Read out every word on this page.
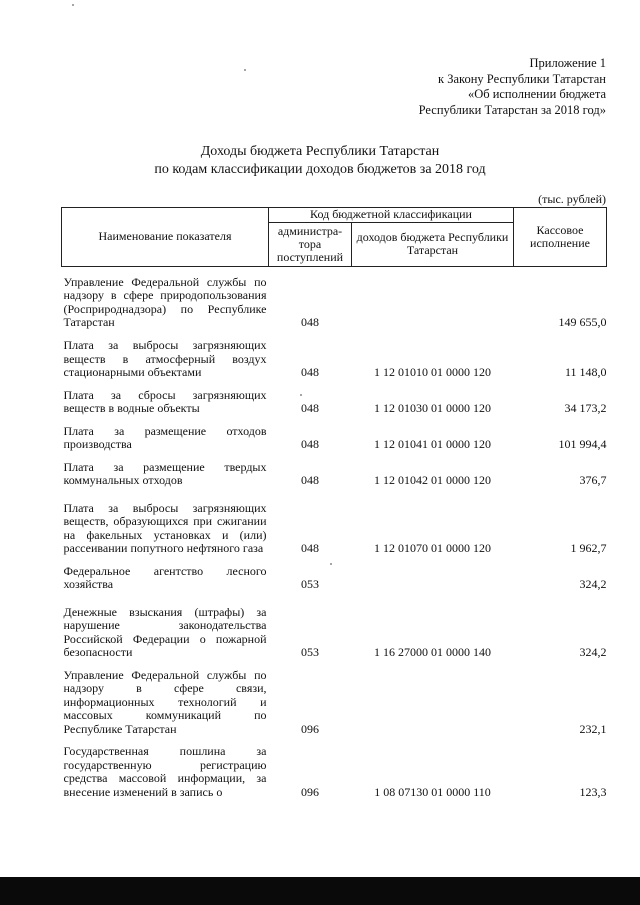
Приложение 1
к Закону Республики Татарстан
«Об исполнении бюджета
Республики Татарстан за 2018 год»
Доходы бюджета Республики Татарстан
по кодам классификации доходов бюджетов за 2018 год
(тыс. рублей)
Наименование показателя	Код бюджетной классификации		Кассовое исполнение
	администра-тора поступлений	доходов бюджета Республики Татарстан	
Управление Федеральной службы по надзору в сфере природопользования (Росприроднадзора) по Республике Татарстан	048		149 655,0
Плата за выбросы загрязняющих веществ в атмосферный воздух стационарными объектами	048	1 12 01010 01 0000 120	11 148,0
Плата за сбросы загрязняющих веществ в водные объекты	048	1 12 01030 01 0000 120	34 173,2
Плата за размещение отходов производства	048	1 12 01041 01 0000 120	101 994,4
Плата за размещение твердых коммунальных отходов	048	1 12 01042 01 0000 120	376,7
Плата за выбросы загрязняющих веществ, образующихся при сжигании на факельных установках и (или) рассеивании попутного нефтяного газа	048	1 12 01070 01 0000 120	1 962,7
Федеральное агентство лесного хозяйства	053		324,2
Денежные взыскания (штрафы) за нарушение законодательства Российской Федерации о пожарной безопасности	053	1 16 27000 01 0000 140	324,2
Управление Федеральной службы по надзору в сфере связи, информационных технологий и массовых коммуникаций по Республике Татарстан	096		232,1
Государственная пошлина за государственную регистрацию средства массовой информации, за внесение изменений в запись о	096	1 08 07130 01 0000 110	123,3
